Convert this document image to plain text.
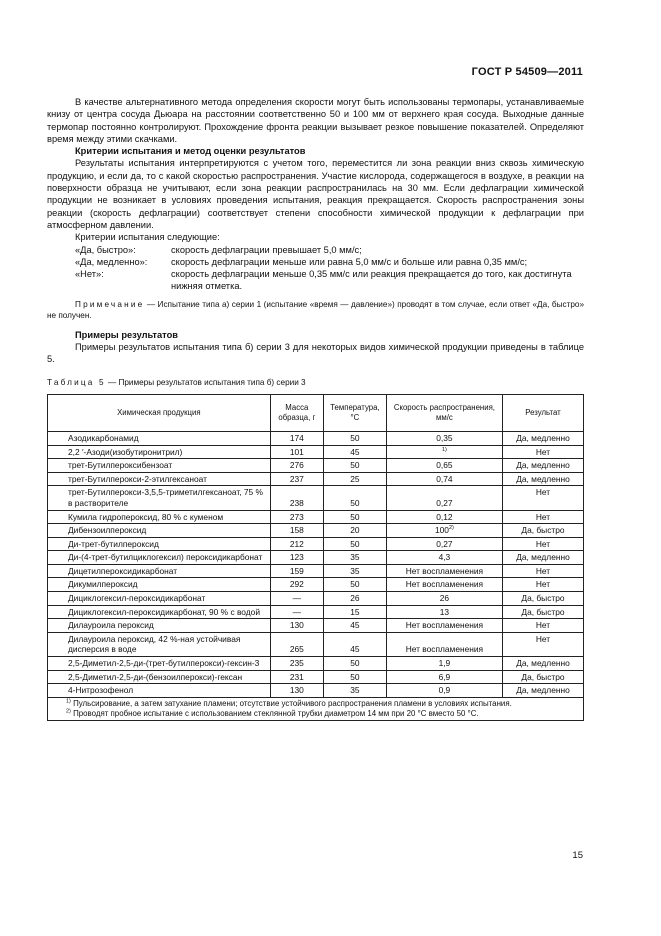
ГОСТ Р 54509—2011

В качестве альтернативного метода определения скорости могут быть использованы термопары, устанавливаемые книзу от центра сосуда Дьюара на расстоянии соответственно 50 и 100 мм от верхнего края сосуда. Выходные данные термопар постоянно контролируют. Прохождение фронта реакции вызывает резкое повышение показателей. Определяют время между этими скачками.

Критерии испытания и метод оценки результатов

Результаты испытания интерпретируются с учетом того, переместится ли зона реакции вниз сквозь химическую продукцию, и если да, то с какой скоростью распространения. Участие кислорода, содержащегося в воздухе, в реакции на поверхности образца не учитывают, если зона реакции распространилась на 30 мм. Если дефлаграции химической продукции не возникает в условиях проведения испытания, реакция прекращается. Скорость распространения зоны реакции (скорость дефлаграции) соответствует степени способности химической продукции к дефлаграции при атмосферном давлении.

Критерии испытания следующие:

«Да, быстро»:	скорость дефлаграции превышает 5,0 мм/с;
«Да, медленно»:	скорость дефлаграции меньше или равна 5,0 мм/с и больше или равна 0,35 мм/с;
«Нет»:	скорость дефлаграции меньше 0,35 мм/с или реакция прекращается до того, как достигнута нижняя отметка.

Примечание — Испытание типа а) серии 1 (испытание «время — давление») проводят в том случае, если ответ «Да, быстро» не получен.

Примеры результатов

Примеры результатов испытания типа б) серии 3 для некоторых видов химической продукции приведены в таблице 5.

Таблица 5 — Примеры результатов испытания типа б) серии 3

Химическая продукция	Масса образца, г	Температура, °C	Скорость распространения, мм/с	Результат
Азодикарбонамид	174	50	0,35	Да, медленно
2,2 ′-Азоди(изобутиронитрил)	101	45	$^{1)}$	Нет
трет-Бутилпероксибензоат	276	50	0,65	Да, медленно
трет-Бутилперокси-2-этилгексаноат	237	25	0,74	Да, медленно
трет-Бутилперокси-3,5,5-триметилгексаноат, 75 % в растворителе	238	50	0,27	Нет
Кумила гидропероксид, 80 % с куменом	273	50	0,12	Нет
Дибензоилпероксид	158	20	100$^{2)}$	Да, быстро
Ди-трет-бутилпероксид	212	50	0,27	Нет
Ди-(4-трет-бутилциклогексил) пероксидикарбонат	123	35	4,3	Да, медленно
Дицетилпероксидикарбонат	159	35	Нет воспламенения	Нет
Дикумилпероксид	292	50	Нет воспламенения	Нет
Дициклогексил-пероксидикарбонат	—	26	26	Да, быстро
Дициклогексил-пероксидикарбонат, 90 % с водой	—	15	13	Да, быстро
Дилауроила пероксид	130	45	Нет воспламенения	Нет
Дилауроила пероксид, 42 %-ная устойчивая дисперсия в воде	265	45	Нет воспламенения	Нет
2,5-Диметил-2,5-ди-(трет-бутилперокси)-гексин-3	235	50	1,9	Да, медленно
2,5-Диметил-2,5-ди-(бензоилперокси)-гексан	231	50	6,9	Да, быстро
4-Нитрозофенол	130	35	0,9	Да, медленно

$^{1)}$ Пульсирование, а затем затухание пламени; отсутствие устойчивого распространения пламени в условиях испытания.
$^{2)}$ Проводят пробное испытание с использованием стеклянной трубки диаметром 14 мм при 20 °С вместо 50 °С.				
15
